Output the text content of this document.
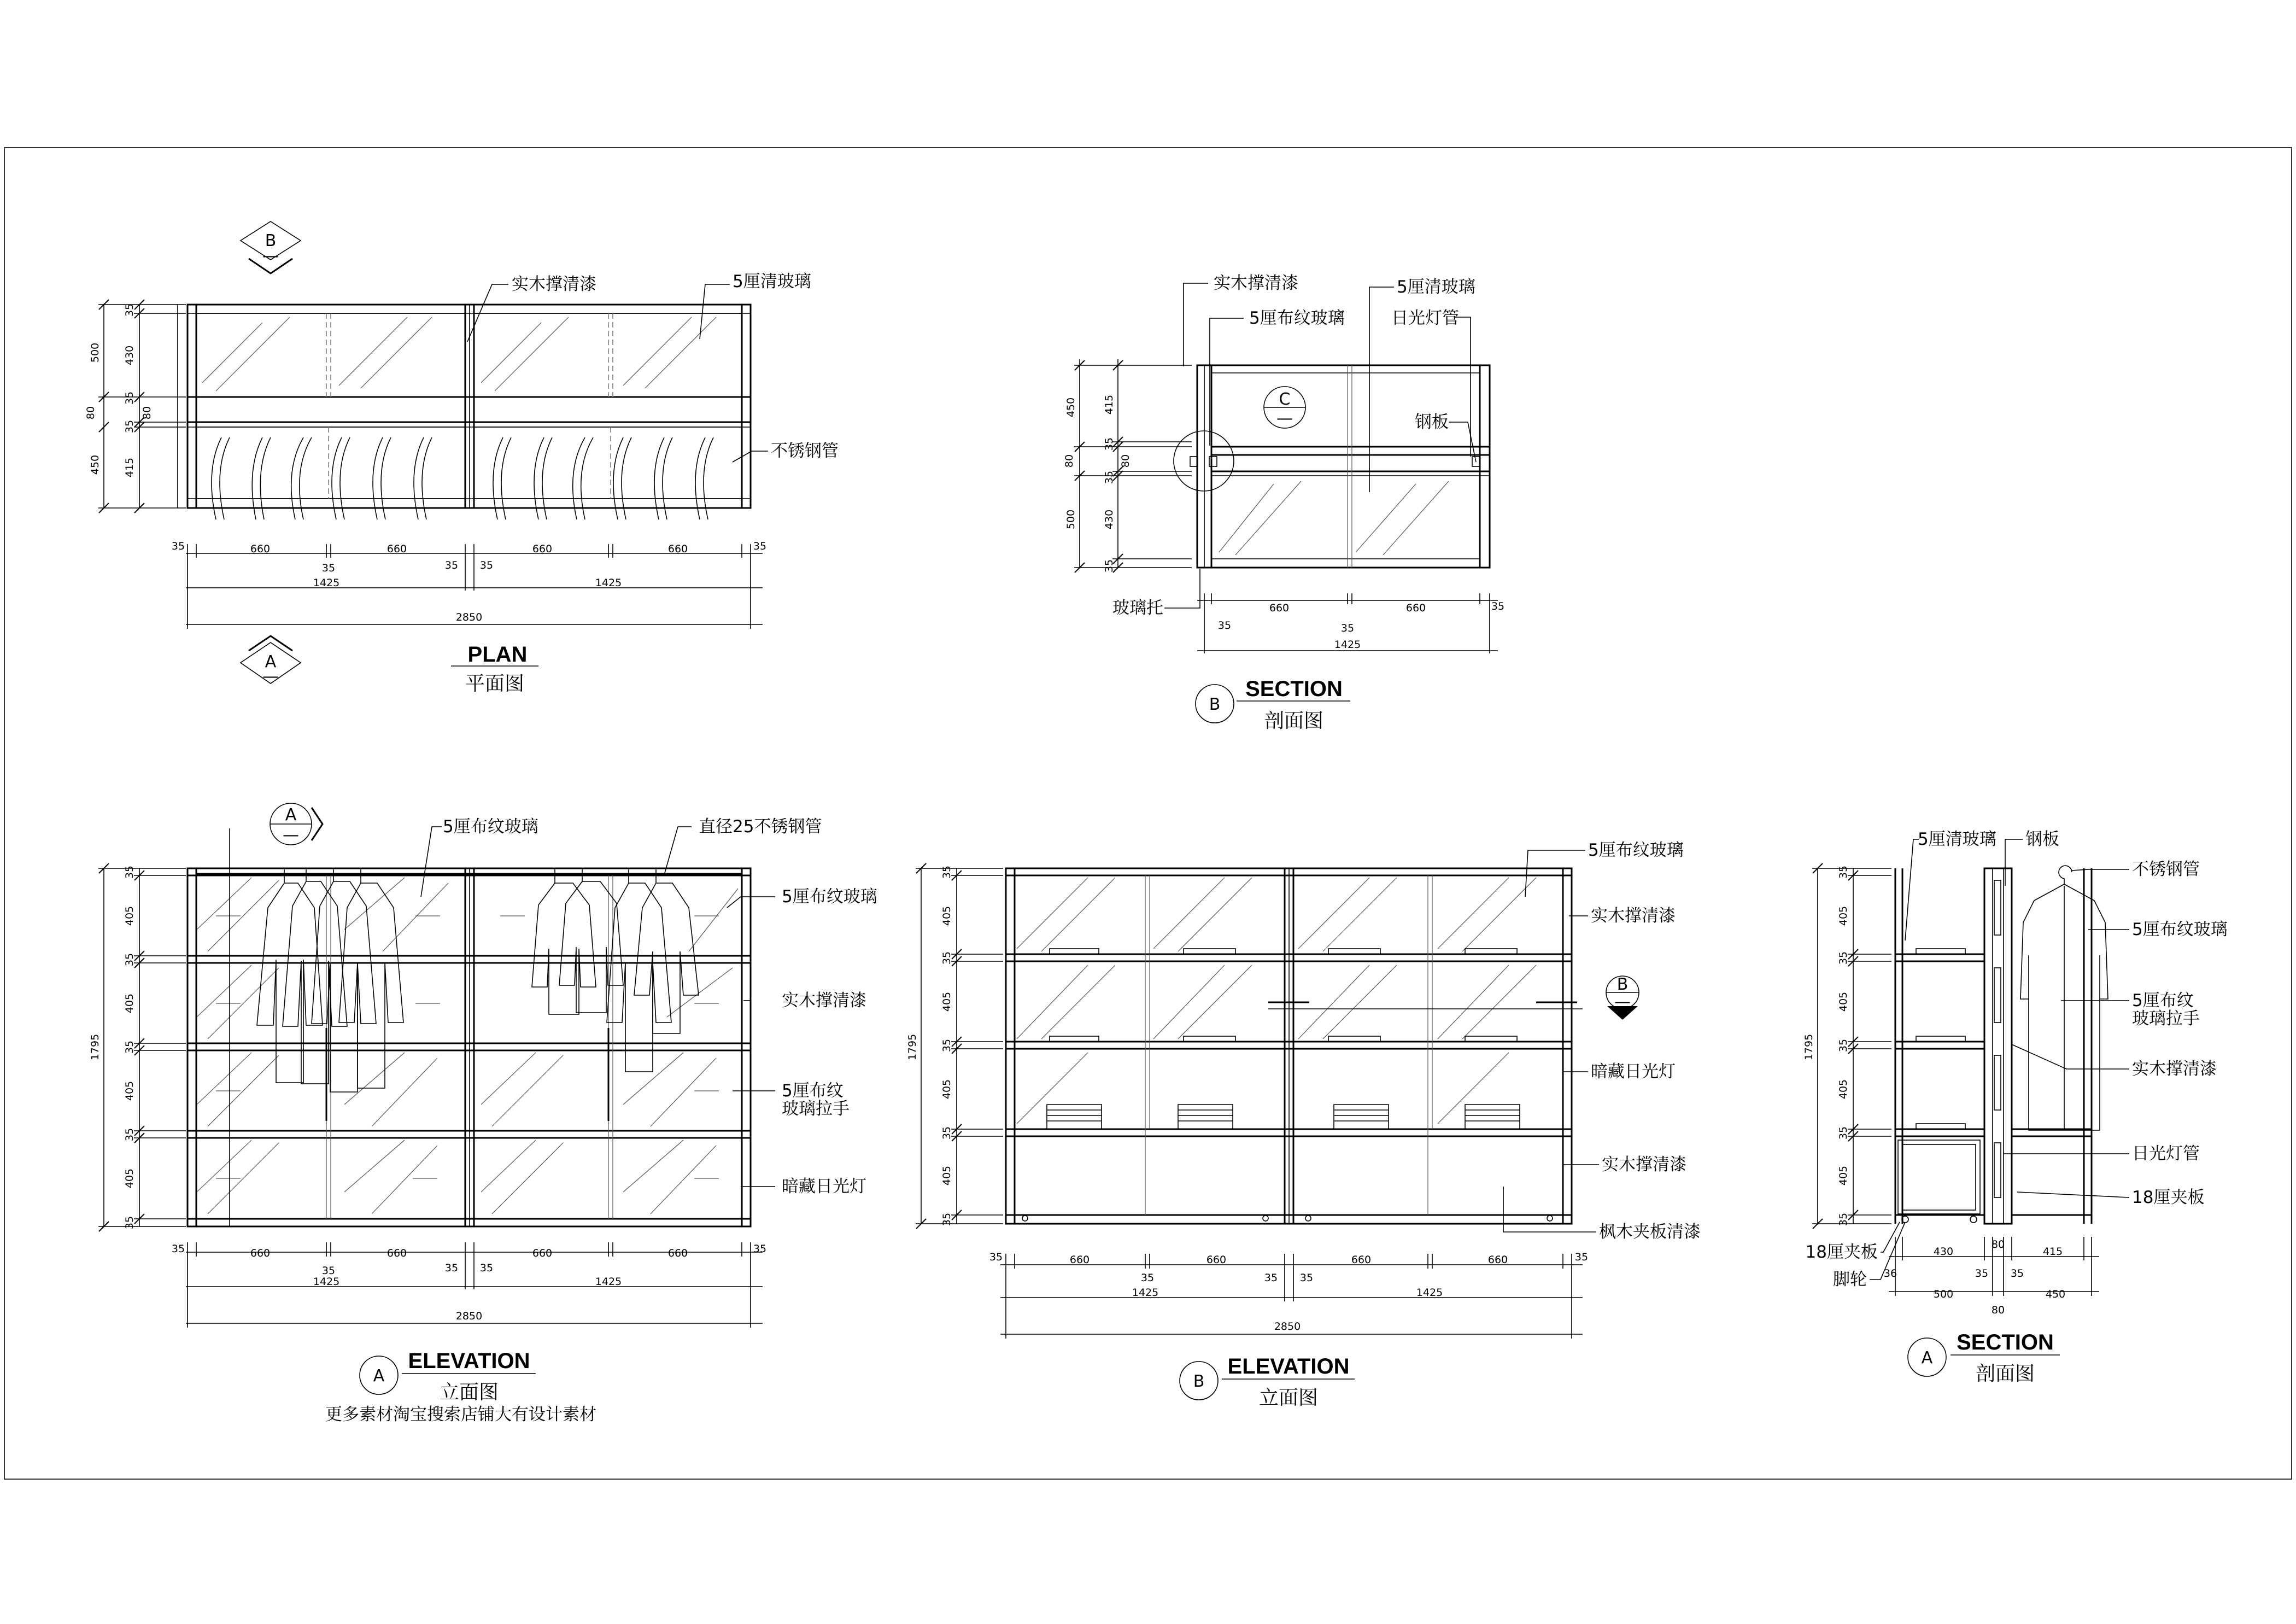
35
500 430
35
80	80
35
450 415
35	660	660	660	660	35
35	35 35
1425	1425
2850
B
—
A
—
实木撑清漆	5厘清玻璃
不锈钢管
PLAN
平面图
C
—
450	415
35
80	80
35
500	430
35
660	660	35
35	35
1425
实木撑清漆
5厘布纹玻璃
5厘清玻璃
日光灯管
钢板
玻璃托
B
SECTION
剖面图
A
—
1795
35
405
35
405
35
405
35
405
35
35	660	660	660	660	35
35	35 35
1425	1425
2850
5厘布纹玻璃	直径25不锈钢管
5厘布纹玻璃
实木撑清漆
5厘布纹
玻璃拉手
暗藏日光灯
A
ELEVATION
立面图
更多素材淘宝搜索店铺大有设计素材
B
—
1795
35
405
35
405
35
405
35
405
35
35	660	660	660	660	35
35	35 35
1425	1425
2850
5厘布纹玻璃
实木撑清漆
暗藏日光灯
实木撑清漆
枫木夹板清漆
B
ELEVATION
立面图
1795
35
405
35
405
35
405
35
405
35
430
80
415
36	35 35
500	450
80
5厘清玻璃 钢板
不锈钢管
5厘布纹玻璃
5厘布纹
玻璃拉手
实木撑清漆
日光灯管
18厘夹板
18厘夹板
脚轮
A
SECTION
剖面图
